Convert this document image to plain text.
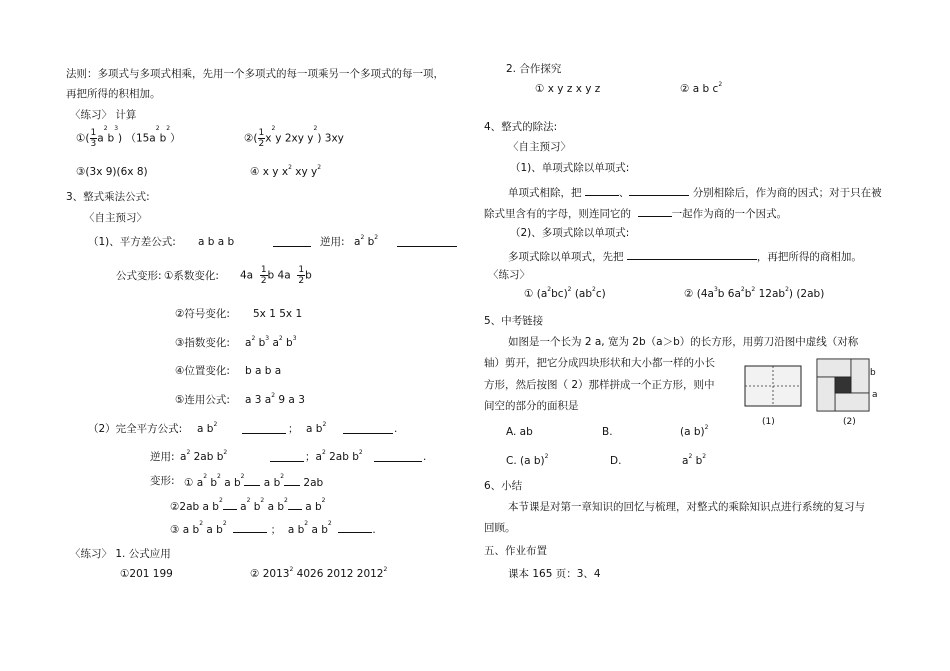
法则：多项式与多项式相乘，先用一个多项式的每一项乘另一个多项式的每一项，
再把所得的积相加。
〈练习〉 计算
①( $\frac{1}{3} a^2b^3$) $(15a^2b^2)$	②( $\frac{1}{2} x^2y$ 2xy $y^2$) 3xy
③(3x 9)(6x 8)	④ x y $x^2$ xy $y^2$
3、整式乘法公式:
〈自主预习〉
（1)、平方差公式: a b a b	逆用: $a^2$ $b^2$
公式变形: ①系数变化: $4a \frac{1}{2}$ b $4a \frac{1}{2}$ b
②符号变化: 5x 1 5x 1
③指数变化: $a^2$ $b^3$ $a^2$ $b^3$
④位置变化: b a b a
⑤连用公式: a 3 $a^2$ 9 a 3
（2）完全平方公式: a $b^2$	； a $b^2$	.
逆用: $a^2$ 2ab $b^2$	；$a^2$ 2ab $b^2$	.
变形: ① $a^2$ $b^2$ a $b^2$ a $b^2$ 2ab
②2ab a $b^2$ $a^2$ $b^2$ a $b^2$ a $b^2$
③ a $b^2$ a $b^2$   ； a $b^2$ a $b^2$  .
〈练习〉 1. 公式应用
①201 199	② 2013$^2$ 4026 2012 2012$^2$
2. 合作探究
① x y z x y z	② a b $c^2$
4、整式的除法:
〈自主预习〉
（1)、单项式除以单项式:
单项式相除，把	、	分别相除后，作为商的因式；对于只在被
除式里含有的字母，则连同它的	一起作为商的一个因式。
（2)、多项式除以单项式:
多项式除以单项式，先把	，再把所得的商相加。
〈练习〉
① $(a^2bc)^2$ $(ab^2c)$	② ($4a^3b$ $6a^2b^2$ $12ab^2$) (2ab)
5、中考链接
如图是一个长为 2 a, 宽为 2b（a＞b）的长方形，用剪刀沿图中虚线（对称
轴）剪开，把它分成四块形状和大小都一样的小长
方形，然后按图（ 2）那样拼成一个正方形，则中
间空的部分的面积是
(1)
b
a
(2)
A. ab	B.	(a b)$^2$
C. (a b)$^2$	D.	$a^2$ $b^2$
6、小结
本节课是对第一章知识的回忆与梳理，对整式的乘除知识点进行系统的复习与
回顾。
五、作业布置
课本 165 页：3、4
